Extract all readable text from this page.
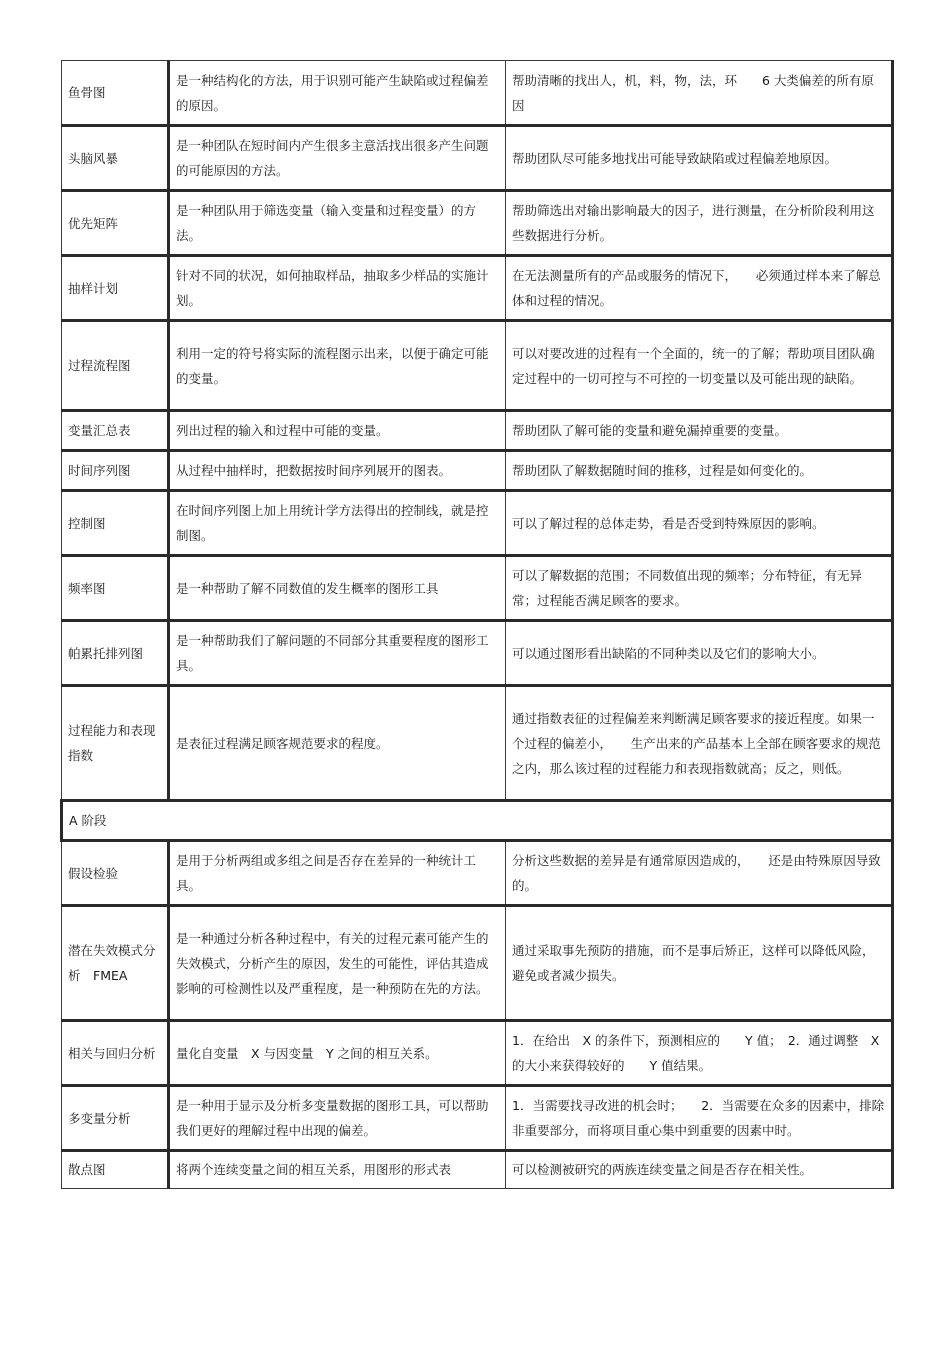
鱼骨图	是一种结构化的方法，用于识别可能产生缺陷或过程偏差的原因。	帮助清晰的找出人，机，料，物，法，环　　6 大类偏差的所有原因
头脑风暴	是一种团队在短时间内产生很多主意活找出很多产生问题的可能原因的方法。	帮助团队尽可能多地找出可能导致缺陷或过程偏差地原因。
优先矩阵	是一种团队用于筛选变量（输入变量和过程变量）的方法。	帮助筛选出对输出影响最大的因子，进行测量，在分析阶段利用这些数据进行分析。
抽样计划	针对不同的状况，如何抽取样品，抽取多少样品的实施计划。	在无法测量所有的产品或服务的情况下，　　必须通过样本来了解总体和过程的情况。
过程流程图	利用一定的符号将实际的流程图示出来，以便于确定可能的变量。	可以对要改进的过程有一个全面的，统一的了解；帮助项目团队确定过程中的一切可控与不可控的一切变量以及可能出现的缺陷。
变量汇总表	列出过程的输入和过程中可能的变量。	帮助团队了解可能的变量和避免漏掉重要的变量。
时间序列图	从过程中抽样时，把数据按时间序列展开的图表。	帮助团队了解数据随时间的推移，过程是如何变化的。
控制图	在时间序列图上加上用统计学方法得出的控制线，就是控制图。	可以了解过程的总体走势，看是否受到特殊原因的影响。
频率图	是一种帮助了解不同数值的发生概率的图形工具	可以了解数据的范围；不同数值出现的频率；分布特征，有无异常；过程能否满足顾客的要求。
帕累托排列图	是一种帮助我们了解问题的不同部分其重要程度的图形工具。	可以通过图形看出缺陷的不同种类以及它们的影响大小。
过程能力和表现指数	是表征过程满足顾客规范要求的程度。	通过指数表征的过程偏差来判断满足顾客要求的接近程度。如果一个过程的偏差小，　　生产出来的产品基本上全部在顾客要求的规范之内，那么该过程的过程能力和表现指数就高；反之，则低。
A 阶段		
假设检验	是用于分析两组或多组之间是否存在差异的一种统计工具。	分析这些数据的差异是有通常原因造成的，　　还是由特殊原因导致的。
潜在失效模式分析　FMEA	是一种通过分析各种过程中，有关的过程元素可能产生的失效模式，分析产生的原因，发生的可能性，评估其造成影响的可检测性以及严重程度，是一种预防在先的方法。	通过采取事先预防的措施，而不是事后矫正，这样可以降低风险，避免或者减少损失。
相关与回归分析	量化自变量　X 与因变量　Y 之间的相互关系。	1．在给出　X 的条件下，预测相应的　　Y 值；　2．通过调整　X 的大小来获得较好的　　Y 值结果。
多变量分析	是一种用于显示及分析多变量数据的图形工具，可以帮助我们更好的理解过程中出现的偏差。	1．当需要找寻改进的机会时；　　2．当需要在众多的因素中，排除非重要部分，而将项目重心集中到重要的因素中时。
散点图	将两个连续变量之间的相互关系，用图形的形式表	可以检测被研究的两族连续变量之间是否存在相关性。
